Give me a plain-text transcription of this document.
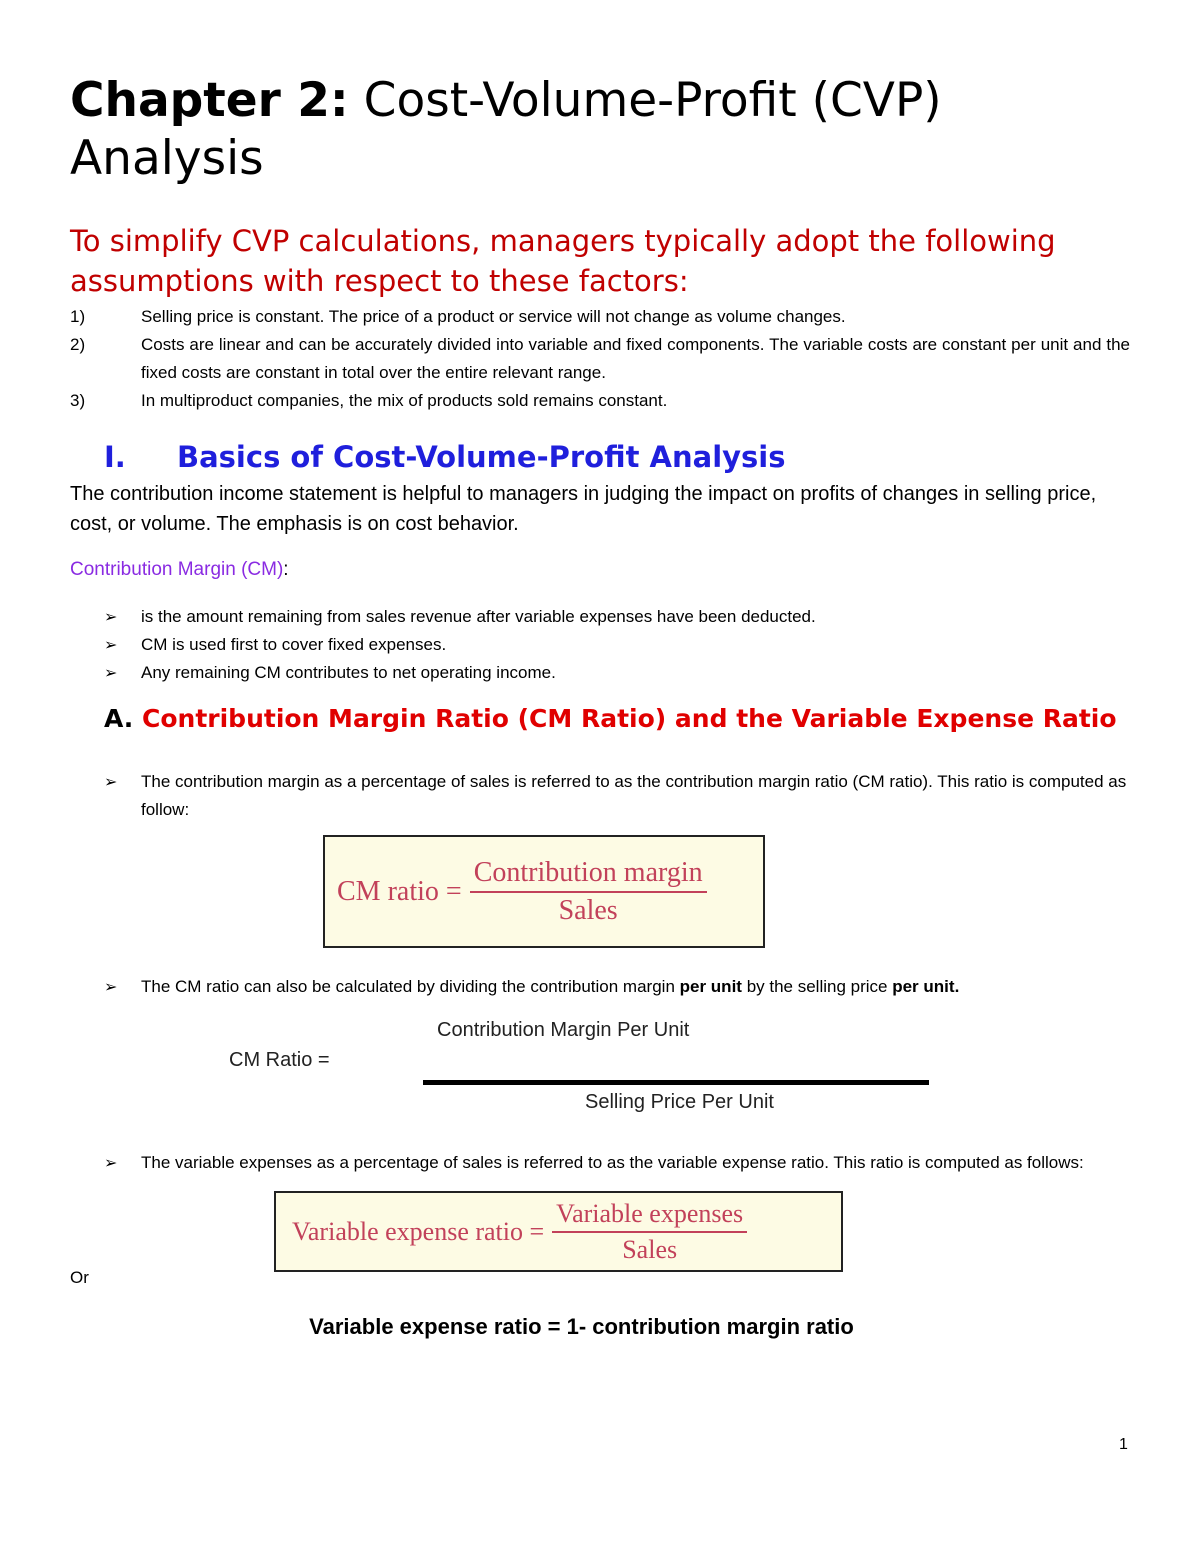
Chapter 2: Cost-Volume-Profit (CVP) Analysis
To simplify CVP calculations, managers typically adopt the following assumptions with respect to these factors:
1)	Selling price is constant. The price of a product or service will not change as volume changes.
2)	Costs are linear and can be accurately divided into variable and fixed components. The variable costs are constant per unit and the fixed costs are constant in total over the entire relevant range.
3)	In multiproduct companies, the mix of products sold remains constant.
I. Basics of Cost-Volume-Profit Analysis
The contribution income statement is helpful to managers in judging the impact on profits of changes in selling price, cost, or volume. The emphasis is on cost behavior.
Contribution Margin (CM):
➢	is the amount remaining from sales revenue after variable expenses have been deducted.
➢	CM is used first to cover fixed expenses.
➢	Any remaining CM contributes to net operating income.
A. Contribution Margin Ratio (CM Ratio) and the Variable Expense Ratio
➢	The contribution margin as a percentage of sales is referred to as the contribution margin ratio (CM ratio). This ratio is computed as follow:
CM ratio = $\frac{\text{Contribution margin}}{\text{Sales}}$
➢	The CM ratio can also be calculated by dividing the contribution margin per unit by the selling price per unit.
Contribution Margin Per Unit
CM Ratio =
Selling Price Per Unit
➢	The variable expenses as a percentage of sales is referred to as the variable expense ratio. This ratio is computed as follows:
Variable expense ratio = $\frac{\text{Variable expenses}}{\text{Sales}}$
Or
Variable expense ratio = 1- contribution margin ratio
1
